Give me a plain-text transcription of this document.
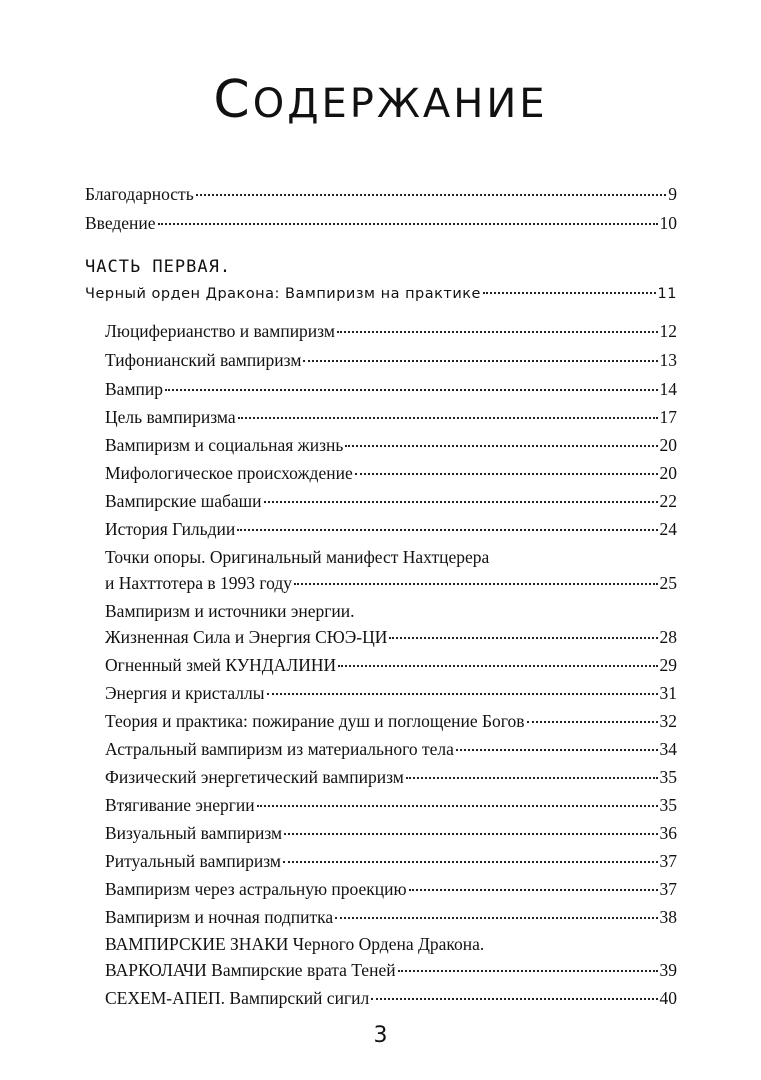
СОДЕРЖАНИЕ
Благодарность	9
Введение	10
ЧАСТЬ ПЕРВАЯ.
Черный орден Дракона: Вампиризм на практике	11
Люциферианство и вампиризм	12
Тифонианский вампиризм	13
Вампир	14
Цель вампиризма	17
Вампиризм и социальная жизнь	20
Мифологическое происхождение	20
Вампирские шабаши	22
История Гильдии	24
Точки опоры. Оригинальный манифест Нахтцерера
и Нахттотера в 1993 году	25
Вампиризм и источники энергии.
Жизненная Сила и Энергия СЮЭ-ЦИ	28
Огненный змей КУНДАЛИНИ	29
Энергия и кристаллы	31
Теория и практика: пожирание душ и поглощение Богов	32
Астральный вампиризм из материального тела	34
Физический энергетический вампиризм	35
Втягивание энергии	35
Визуальный вампиризм	36
Ритуальный вампиризм	37
Вампиризм через астральную проекцию	37
Вампиризм и ночная подпитка	38
ВАМПИРСКИЕ ЗНАКИ Черного Ордена Дракона.
ВАРКОЛАЧИ Вампирские врата Теней	39
СЕХЕМ-АПЕП. Вампирский сигил	40
3
